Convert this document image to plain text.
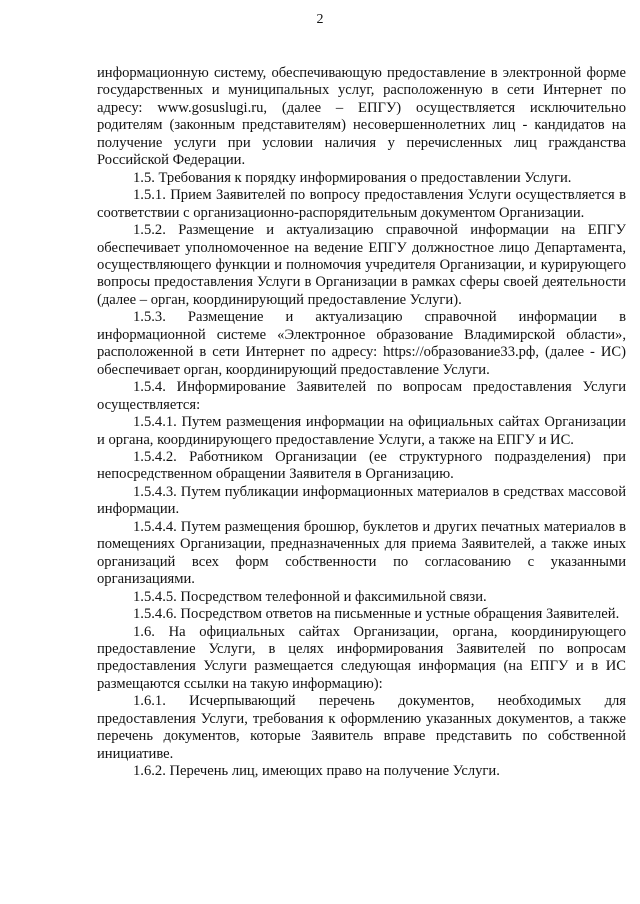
2

информационную систему, обеспечивающую предоставление в электронной форме государственных и муниципальных услуг, расположенную в сети Интернет по адресу: www.gosuslugi.ru, (далее – ЕПГУ) осуществляется исключительно родителям (законным представителям) несовершеннолетних лиц - кандидатов на получение услуги при условии наличия у перечисленных лиц гражданства Российской Федерации.

1.5. Требования к порядку информирования о предоставлении Услуги.

1.5.1. Прием Заявителей по вопросу предоставления Услуги осуществляется в соответствии с организационно-распорядительным документом Организации.

1.5.2. Размещение и актуализацию справочной информации на ЕПГУ обеспечивает уполномоченное на ведение ЕПГУ должностное лицо Департамента, осуществляющего функции и полномочия учредителя Организации, и курирующего вопросы предоставления Услуги в Организации в рамках сферы своей деятельности (далее – орган, координирующий предоставление Услуги).

1.5.3. Размещение и актуализацию справочной информации в информационной системе «Электронное образование Владимирской области», расположенной в сети Интернет по адресу: https://образование33.рф, (далее - ИС) обеспечивает орган, координирующий предоставление Услуги.

1.5.4. Информирование Заявителей по вопросам предоставления Услуги осуществляется:

1.5.4.1. Путем размещения информации на официальных сайтах Организации и органа, координирующего предоставление Услуги, а также на ЕПГУ и ИС.

1.5.4.2. Работником Организации (ее структурного подразделения) при непосредственном обращении Заявителя в Организацию.

1.5.4.3. Путем публикации информационных материалов в средствах массовой информации.

1.5.4.4. Путем размещения брошюр, буклетов и других печатных материалов в помещениях Организации, предназначенных для приема Заявителей, а также иных организаций всех форм собственности по согласованию с указанными организациями.

1.5.4.5. Посредством телефонной и факсимильной связи.

1.5.4.6. Посредством ответов на письменные и устные обращения Заявителей.

1.6. На официальных сайтах Организации, органа, координирующего предоставление Услуги, в целях информирования Заявителей по вопросам предоставления Услуги размещается следующая информация (на ЕПГУ и в ИС размещаются ссылки на такую информацию):

1.6.1. Исчерпывающий перечень документов, необходимых для предоставления Услуги, требования к оформлению указанных документов, а также перечень документов, которые Заявитель вправе представить по собственной инициативе.

1.6.2. Перечень лиц, имеющих право на получение Услуги.
